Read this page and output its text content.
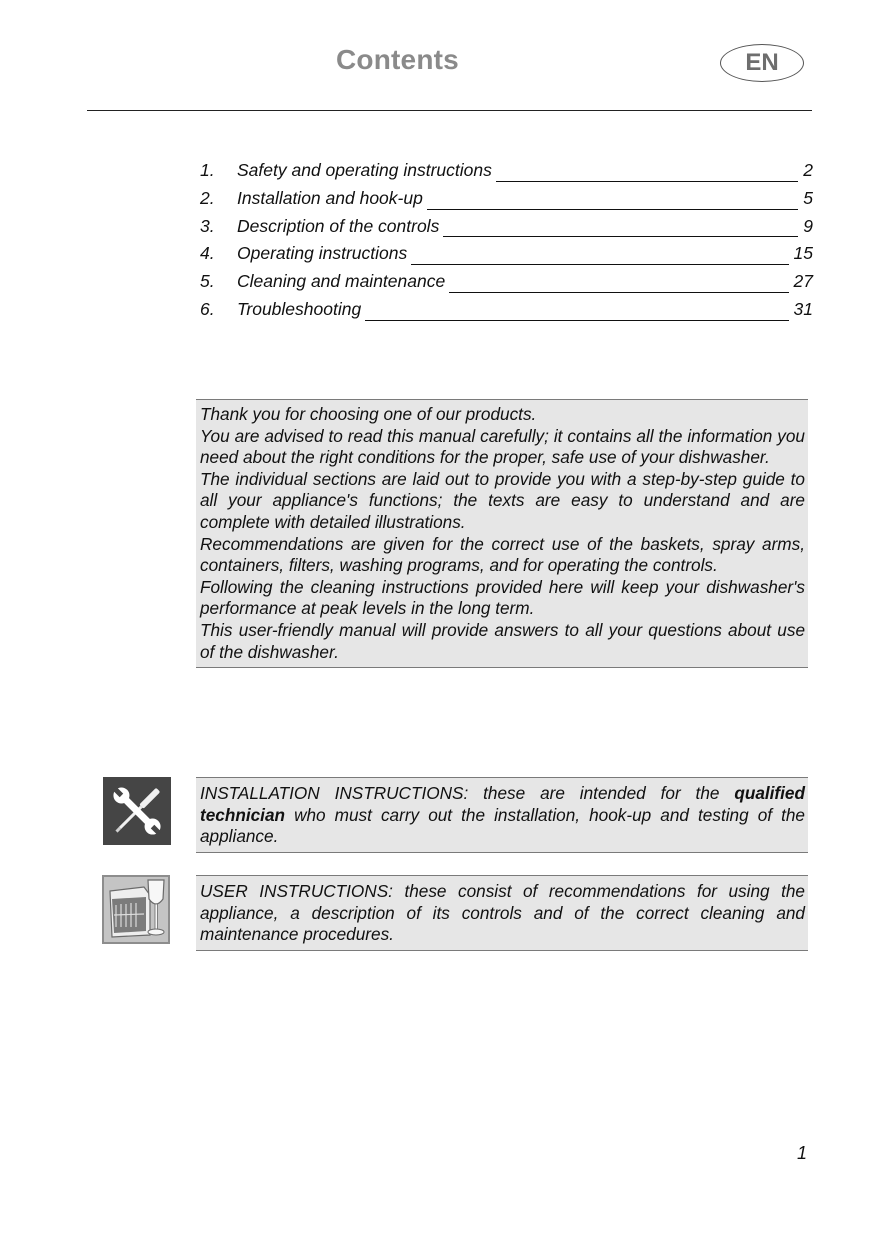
Contents	EN
1.	Safety and operating instructions	2
2.	Installation and hook-up	5
3.	Description of the controls	9
4.	Operating instructions	15
5.	Cleaning and maintenance	27
6.	Troubleshooting	31

Thank you for choosing one of our products.

You are advised to read this manual carefully; it contains all the information you need about the right conditions for the proper, safe use of your dishwasher.

The individual sections are laid out to provide you with a step-by-step guide to all your appliance's functions; the texts are easy to understand and are complete with detailed illustrations.

Recommendations are given for the correct use of the baskets, spray arms, containers, filters, washing programs, and for operating the controls.

Following the cleaning instructions provided here will keep your dishwasher's performance at peak levels in the long term.

This user-friendly manual will provide answers to all your questions about use of the dishwasher.

INSTALLATION INSTRUCTIONS: these are intended for the qualified technician who must carry out the installation, hook-up and testing of the appliance.
USER INSTRUCTIONS: these consist of recommendations for using the appliance, a description of its controls and of the correct cleaning and maintenance procedures.
1
